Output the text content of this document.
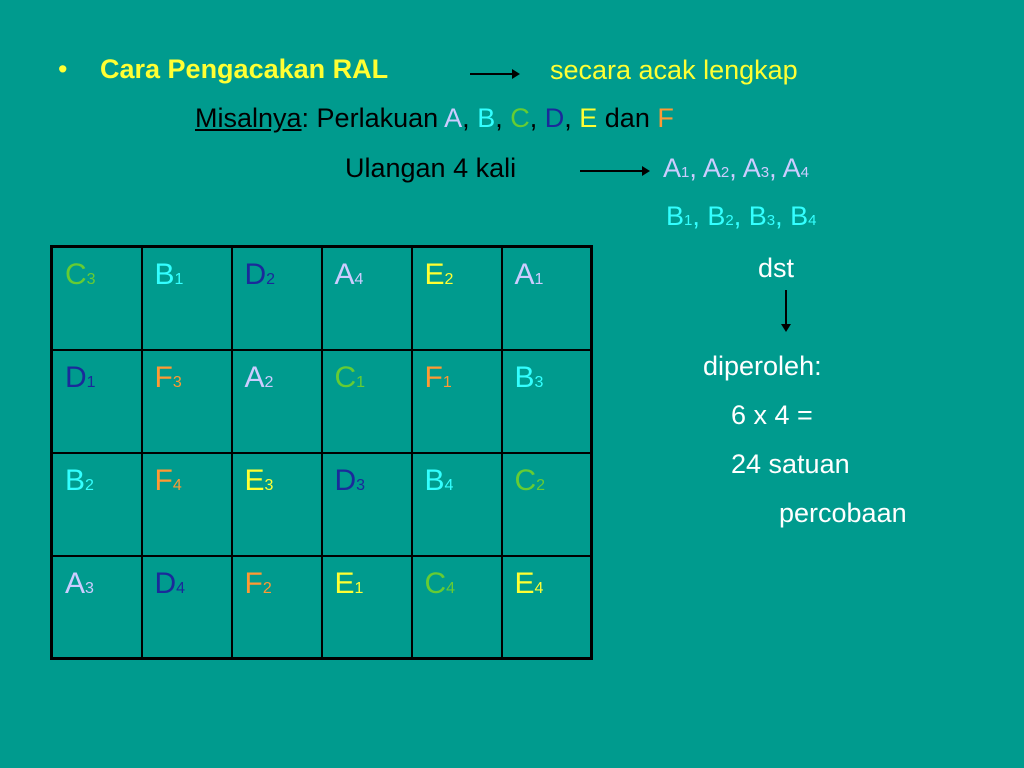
• Cara Pengacakan RAL	secara acak lengkap
Misalnya: Perlakuan A, B, C, D, E dan F
Ulangan 4 kali	A1, A2, A3, A4
B1, B2, B3, B4
dst
diperoleh:
6 x 4 =
24 satuan
percobaan
C3	B1	D2	A4	E2	A1
D1	F3	A2	C1	F1	B3
B2	F4	E3	D3	B4	C2
A3	D4	F2	E1	C4	E4
